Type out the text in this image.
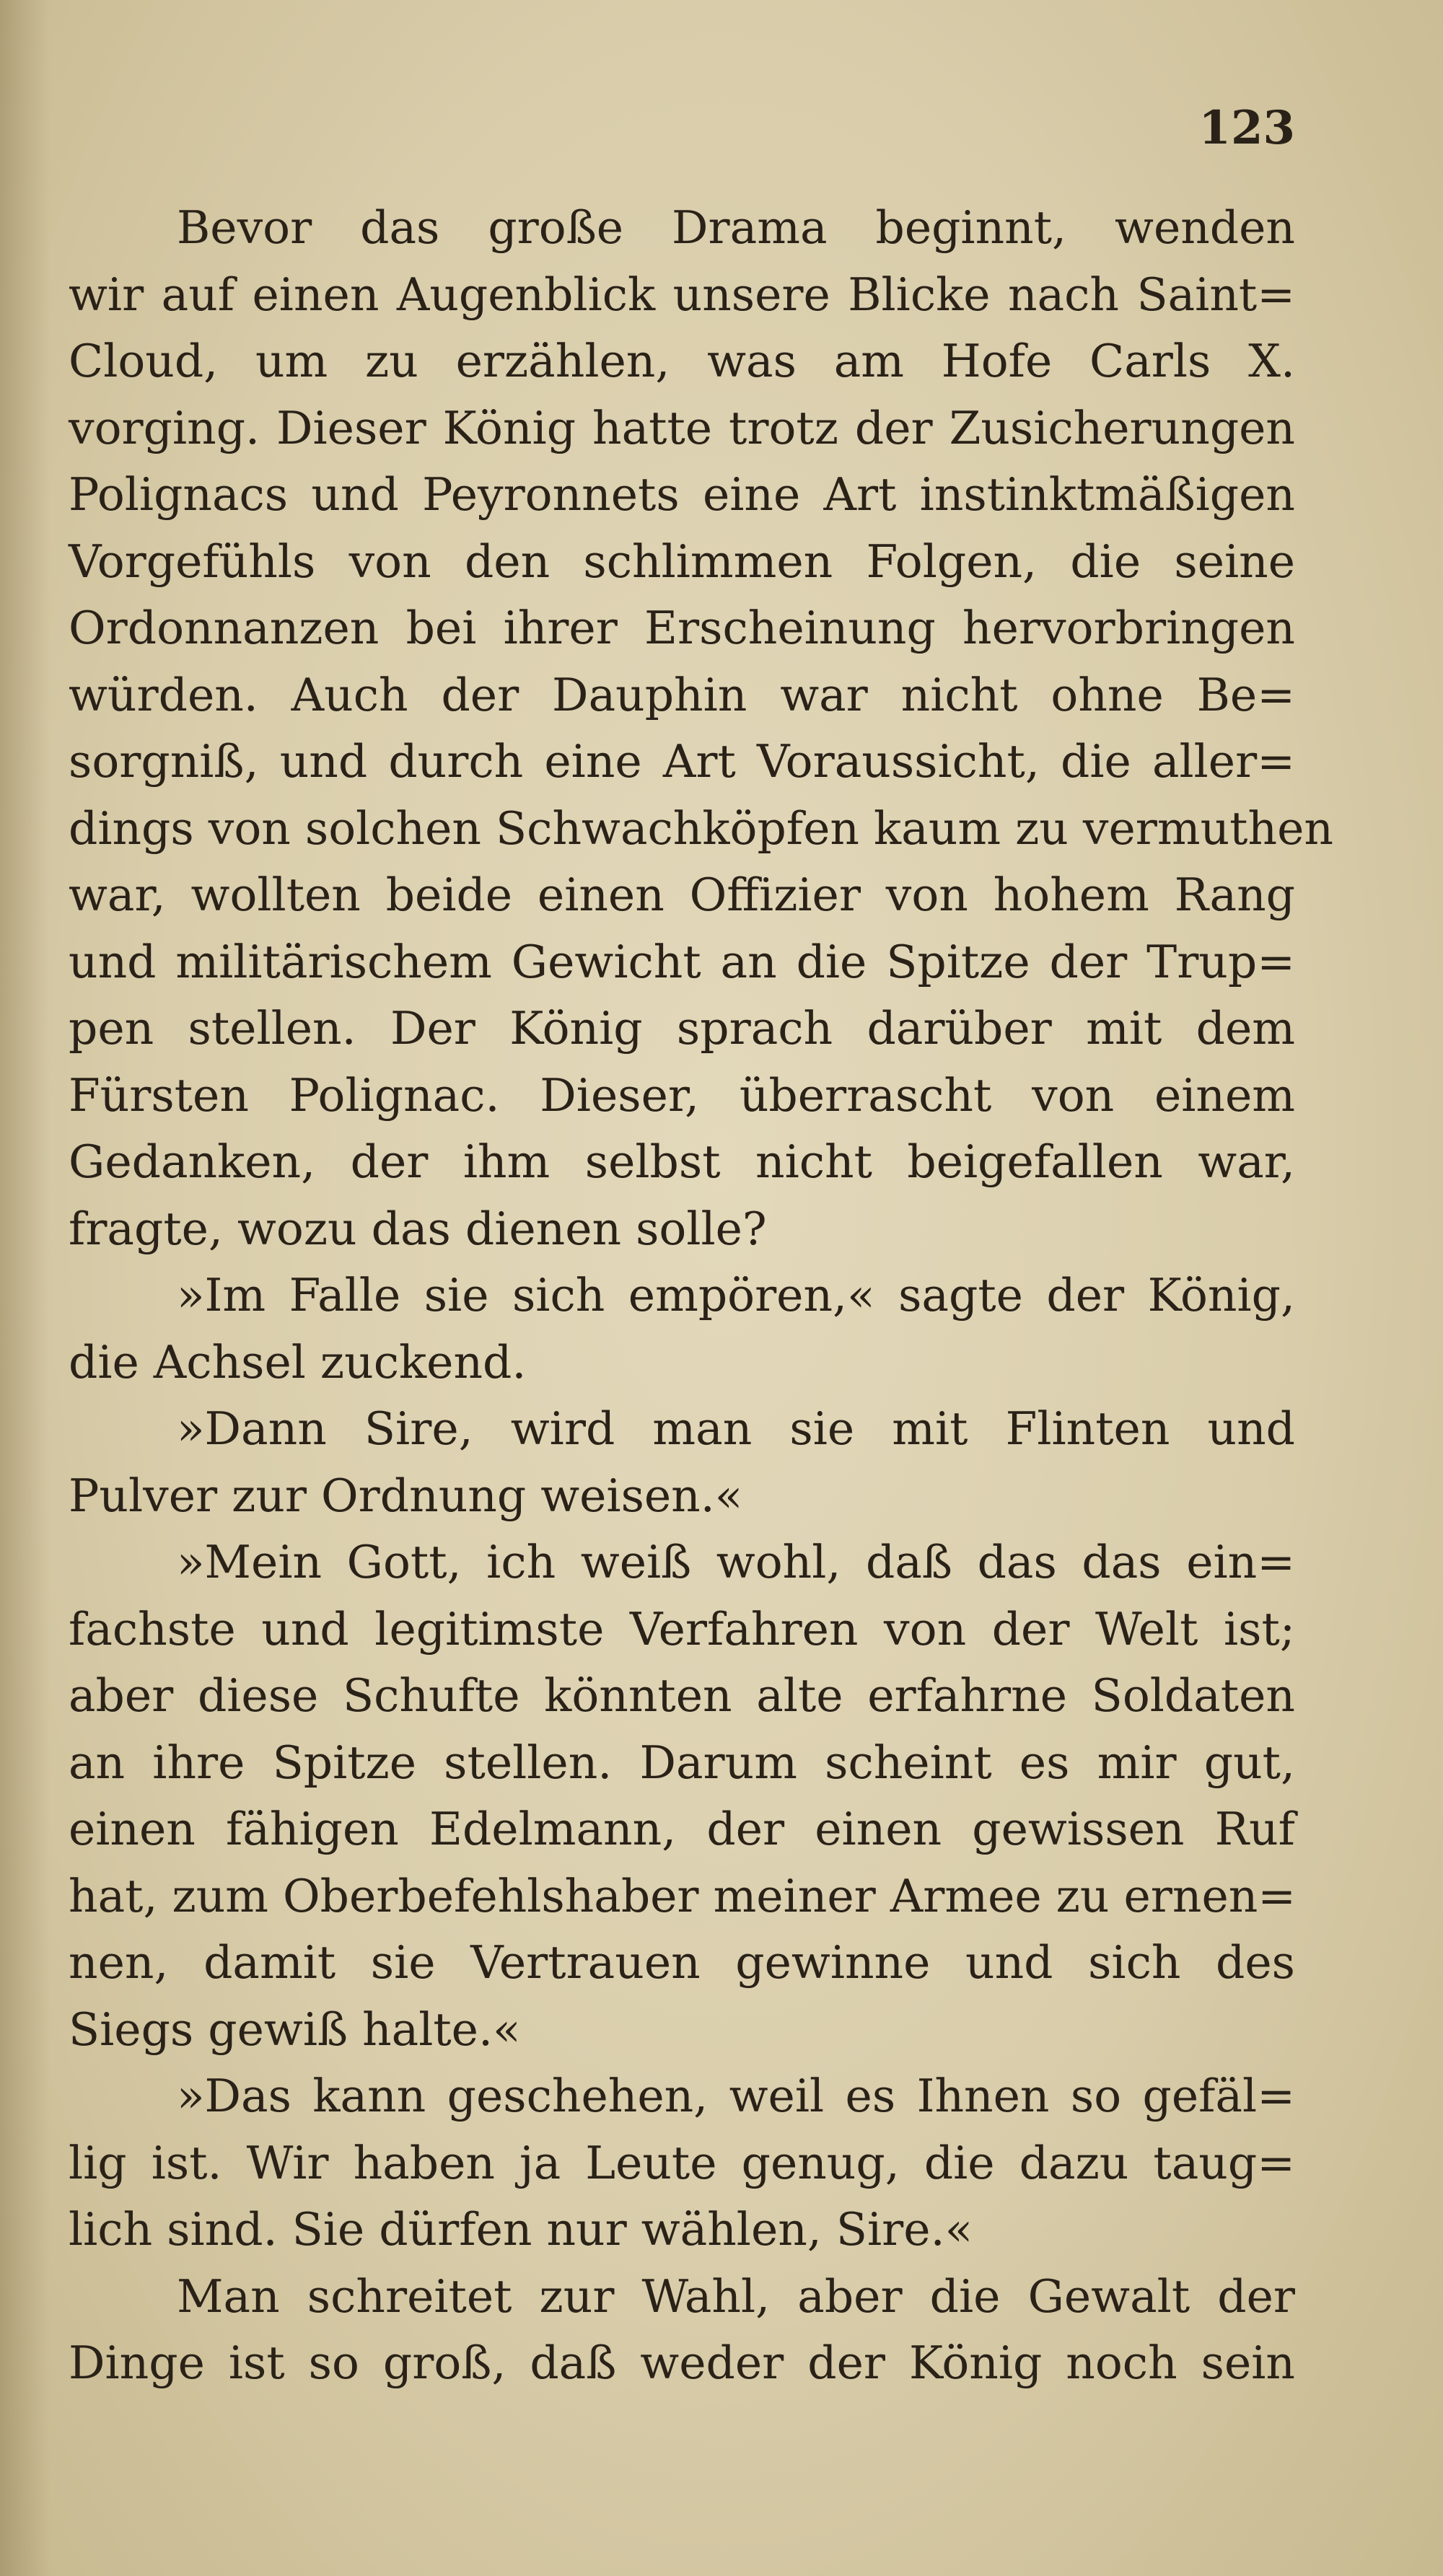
123
Bevor das große Drama beginnt, wenden
wir auf einen Augenblick unsere Blicke nach Saint=
Cloud, um zu erzählen, was am Hofe Carls X.
vorging. Dieser König hatte trotz der Zusicherungen
Polignacs und Peyronnets eine Art instinktmäßigen
Vorgefühls von den schlimmen Folgen, die seine
Ordonnanzen bei ihrer Erscheinung hervorbringen
würden. Auch der Dauphin war nicht ohne Be=
sorgniß, und durch eine Art Voraussicht, die aller=
dings von solchen Schwachköpfen kaum zu vermuthen
war, wollten beide einen Offizier von hohem Rang
und militärischem Gewicht an die Spitze der Trup=
pen stellen. Der König sprach darüber mit dem
Fürsten Polignac. Dieser, überrascht von einem
Gedanken, der ihm selbst nicht beigefallen war,
fragte, wozu das dienen solle?
»Im Falle sie sich empören,« sagte der König,
die Achsel zuckend.
»Dann Sire, wird man sie mit Flinten und
Pulver zur Ordnung weisen.«
»Mein Gott, ich weiß wohl, daß das das ein=
fachste und legitimste Verfahren von der Welt ist;
aber diese Schufte könnten alte erfahrne Soldaten
an ihre Spitze stellen. Darum scheint es mir gut,
einen fähigen Edelmann, der einen gewissen Ruf
hat, zum Oberbefehlshaber meiner Armee zu ernen=
nen, damit sie Vertrauen gewinne und sich des
Siegs gewiß halte.«
»Das kann geschehen, weil es Ihnen so gefäl=
lig ist. Wir haben ja Leute genug, die dazu taug=
lich sind. Sie dürfen nur wählen, Sire.«
Man schreitet zur Wahl, aber die Gewalt der
Dinge ist so groß, daß weder der König noch sein
